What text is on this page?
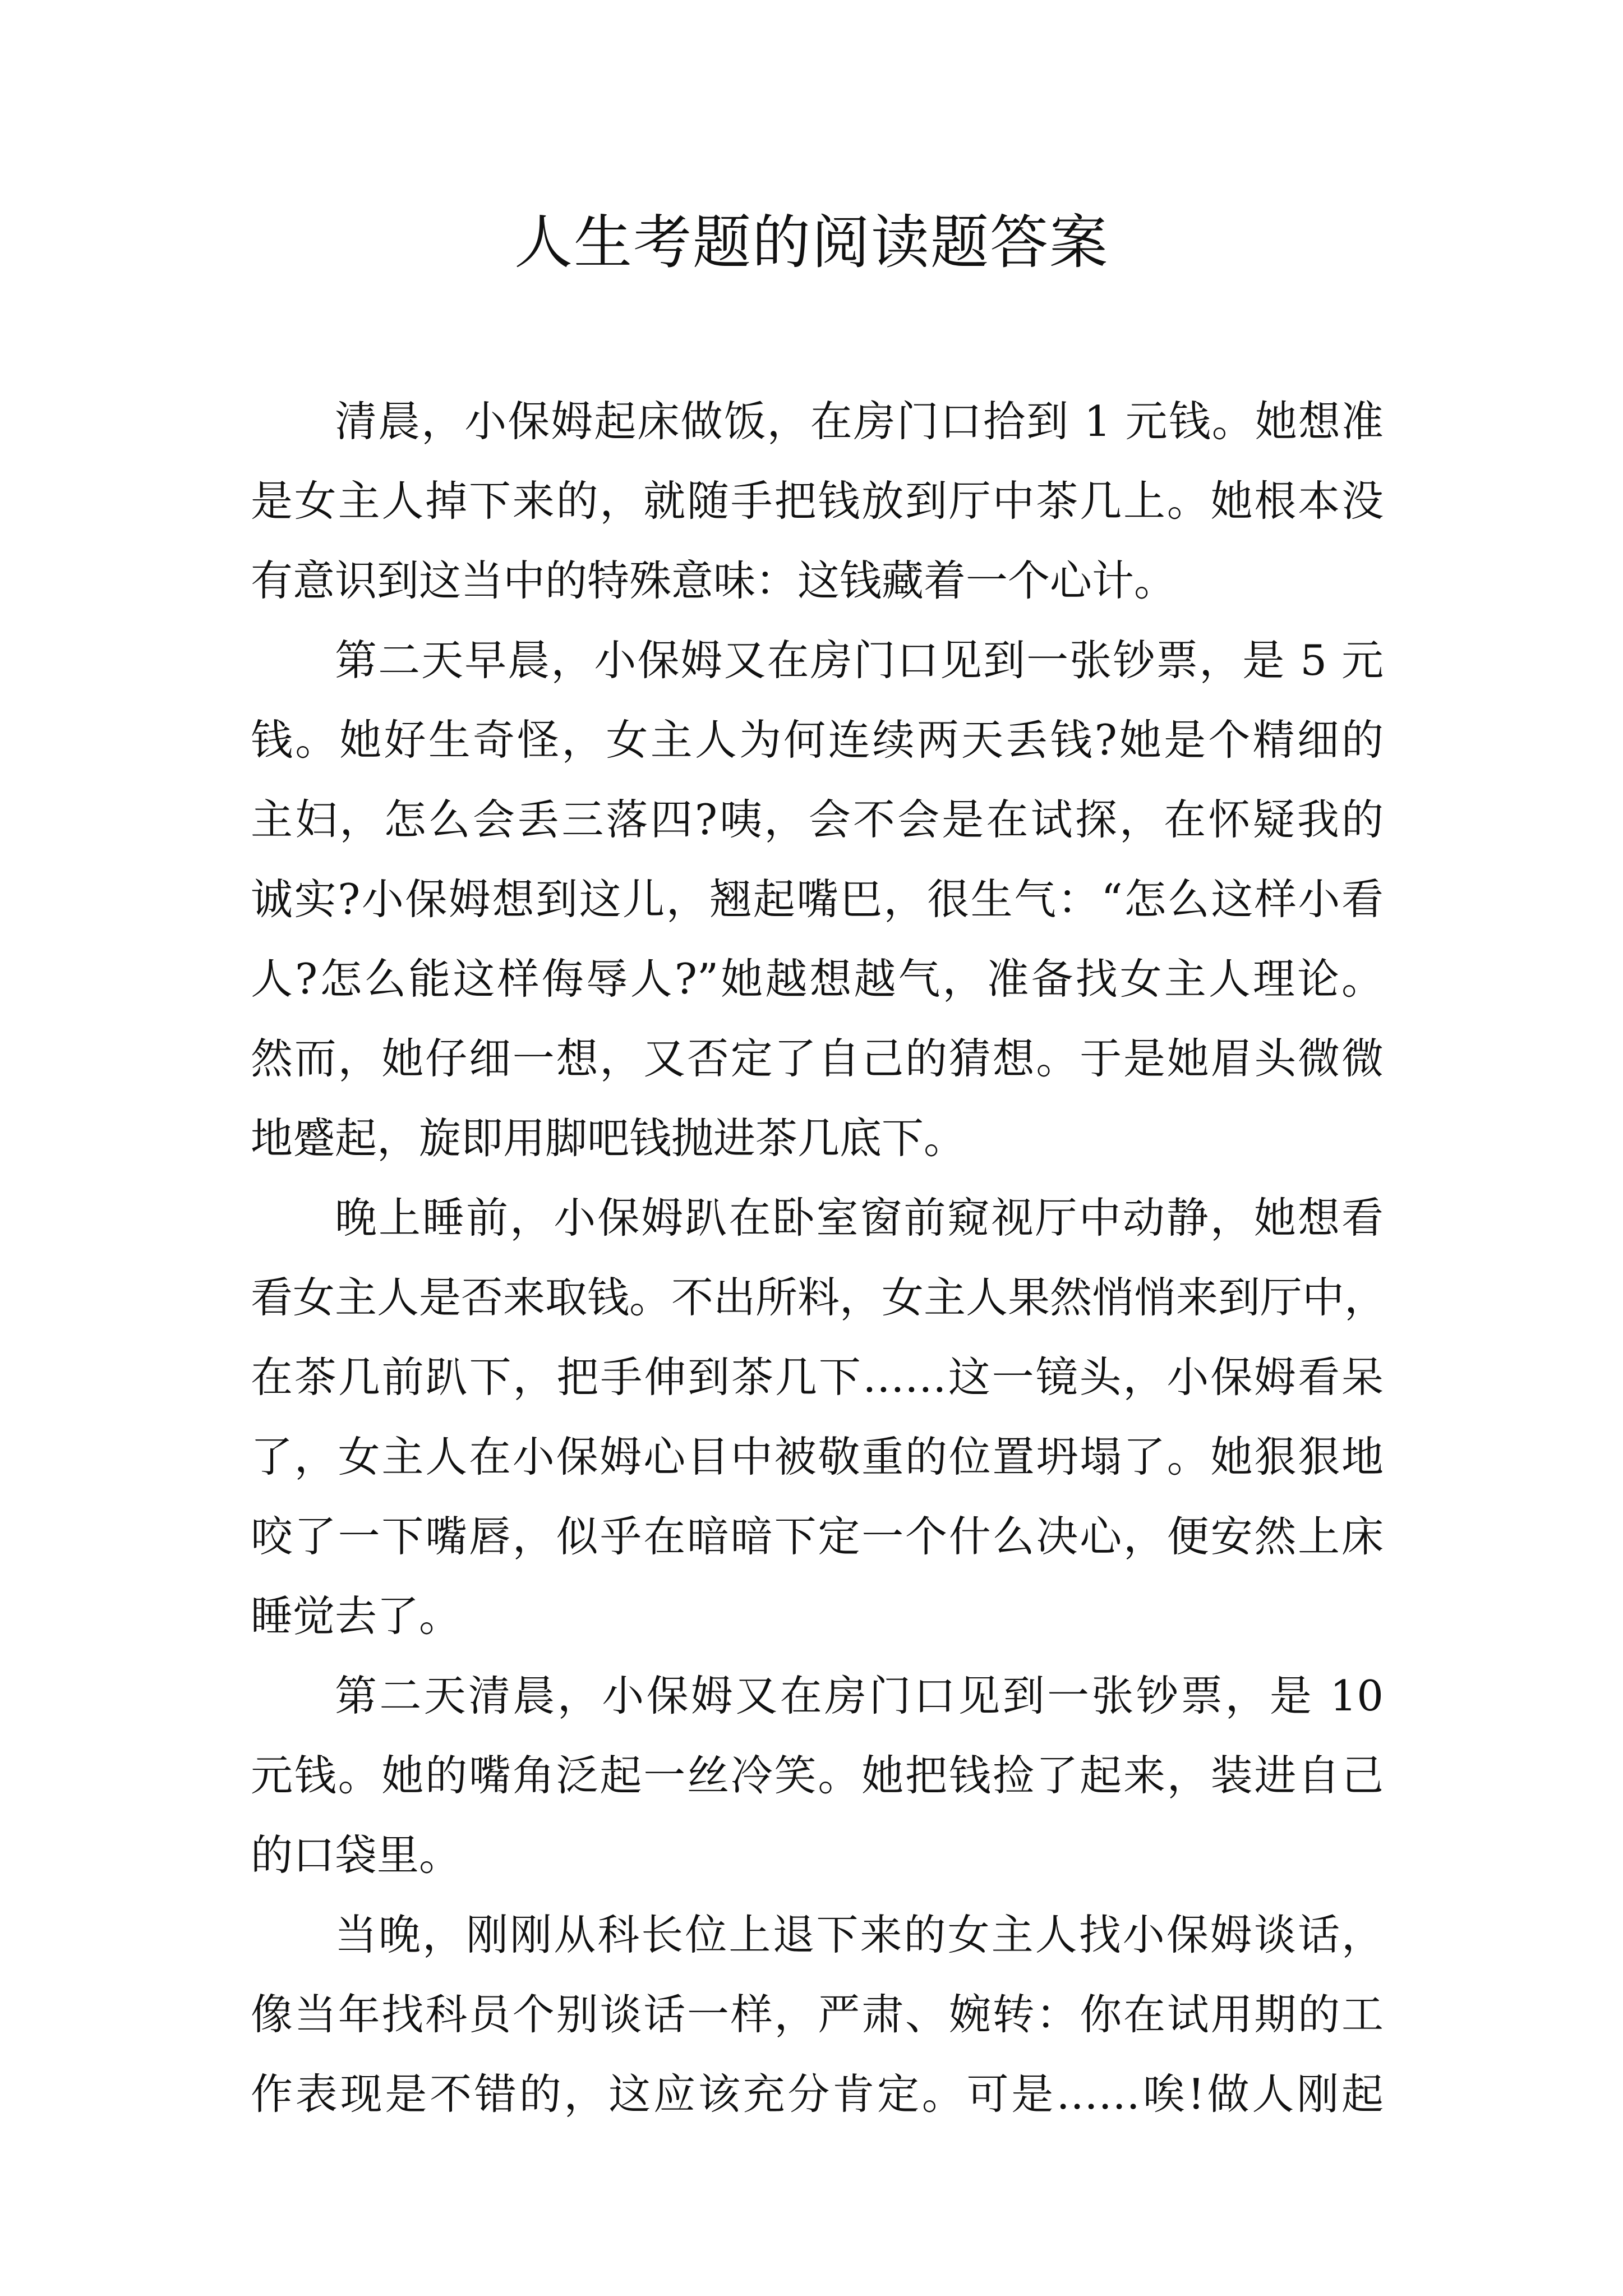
人生考题的阅读题答案
清晨，小保姆起床做饭，在房门口拾到 1 元钱。她想准
是女主人掉下来的，就随手把钱放到厅中茶几上。她根本没
有意识到这当中的特殊意味：这钱藏着一个心计。
第二天早晨，小保姆又在房门口见到一张钞票，是 5 元
钱。她好生奇怪，女主人为何连续两天丢钱?她是个精细的
主妇，怎么会丢三落四?咦，会不会是在试探，在怀疑我的
诚实?小保姆想到这儿，翘起嘴巴，很生气：“怎么这样小看
人?怎么能这样侮辱人?”她越想越气，准备找女主人理论。
然而，她仔细一想，又否定了自己的猜想。于是她眉头微微
地蹙起，旋即用脚吧钱抛进茶几底下。
晚上睡前，小保姆趴在卧室窗前窥视厅中动静，她想看
看女主人是否来取钱。不出所料，女主人果然悄悄来到厅中，
在茶几前趴下，把手伸到茶几下……这一镜头，小保姆看呆
了，女主人在小保姆心目中被敬重的位置坍塌了。她狠狠地
咬了一下嘴唇，似乎在暗暗下定一个什么决心，便安然上床
睡觉去了。
第二天清晨，小保姆又在房门口见到一张钞票，是 10
元钱。她的嘴角泛起一丝冷笑。她把钱捡了起来，装进自己
的口袋里。
当晚，刚刚从科长位上退下来的女主人找小保姆谈话，
像当年找科员个别谈话一样，严肃、婉转：你在试用期的工
作表现是不错的，这应该充分肯定。可是……唉!做人刚起
